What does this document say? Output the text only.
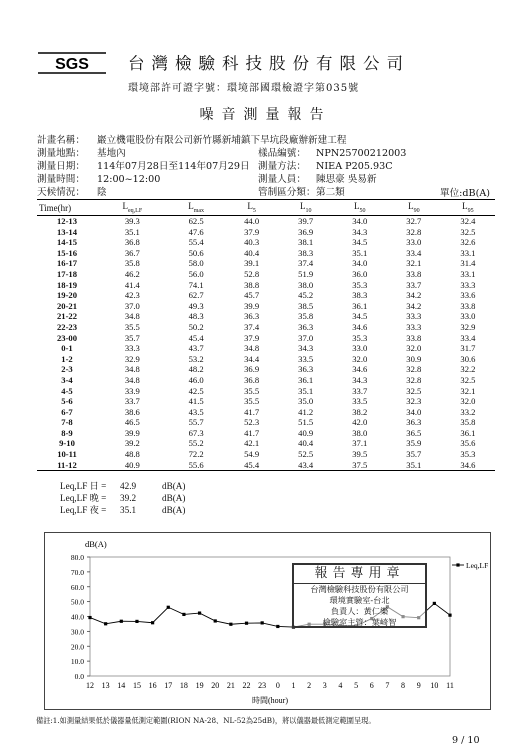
SGS 台灣檢驗科技股份有限公司
環境部許可證字號：環境部國環檢證字第035號
噪音測量報告
計畫名稱： 巖立機電股份有限公司新竹縣新埔鎮下旱坑段廠辦新建工程
測量地點： 基地內	樣品編號： NPN25700212003
測量日期： 114年07月28日至114年07月29日 測量方法： NIEA P205.93C
測量時間： 12:00~12:00	測量人員： 陳思豪 吳易新
天候情況： 陰	管制區分類：第二類	單位:dB(A)
Time(hr)	$L_{eq,LF}$	$L_{max}$	$L_5$	$L_{10}$	$L_{50}$	$L_{90}$	$L_{95}$
12-13	39.3	62.5	44.0	39.7	34.0	32.7	32.4
13-14	35.1	47.6	37.9	36.9	34.3	32.8	32.5
14-15	36.8	55.4	40.3	38.1	34.5	33.0	32.6
15-16	36.7	50.6	40.4	38.3	35.1	33.4	33.1
16-17	35.8	58.0	39.1	37.4	34.0	32.1	31.4
17-18	46.2	56.0	52.8	51.9	36.0	33.8	33.1
18-19	41.4	74.1	38.8	38.0	35.3	33.7	33.3
19-20	42.3	62.7	45.7	45.2	38.3	34.2	33.6
20-21	37.0	49.3	39.9	38.5	36.1	34.2	33.8
21-22	34.8	48.3	36.3	35.8	34.5	33.3	33.0
22-23	35.5	50.2	37.4	36.3	34.6	33.3	32.9
23-00	35.7	45.4	37.9	37.0	35.3	33.8	33.4
0-1	33.3	43.7	34.8	34.3	33.0	32.0	31.7
1-2	32.9	53.2	34.4	33.5	32.0	30.9	30.6
2-3	34.8	48.2	36.9	36.3	34.6	32.8	32.2
3-4	34.8	46.0	36.8	36.1	34.3	32.8	32.5
4-5	33.9	42.5	35.5	35.1	33.7	32.5	32.1
5-6	33.7	41.5	35.5	35.0	33.5	32.3	32.0
6-7	38.6	43.5	41.7	41.2	38.2	34.0	33.2
7-8	46.5	55.7	52.3	51.5	42.0	36.3	35.8
8-9	39.9	67.3	41.7	40.9	38.0	36.5	36.1
9-10	39.2	55.2	42.1	40.4	37.1	35.9	35.6
10-11	48.8	72.2	54.9	52.5	39.5	35.7	35.3
11-12	40.9	55.6	45.4	43.4	37.5	35.1	34.6
Leq,LF 日 = 42.9	dB(A)
Leq,LF 晚 = 39.2	dB(A)
Leq,LF 夜 = 35.1	dB(A)
dB(A)
0.0
10.0
20.0
30.0
40.0
50.0
60.0
70.0
80.0
12 13 14 15 16 17 18 19 20 21 22 23 0 1 2 3 4 5 6 7 8 9 10 11
時間(hour)
Leq,LF
報告專用章
台灣檢驗科技股份有限公司
環境實驗室-台北
負責人：黃仁樂
檢驗室主管：葉崎智
備註:1.如測量結果低於儀器量低測定範圍(RION NA-28、NL-52為25dB)，將以儀器最低測定範圍呈現。
9 / 10
